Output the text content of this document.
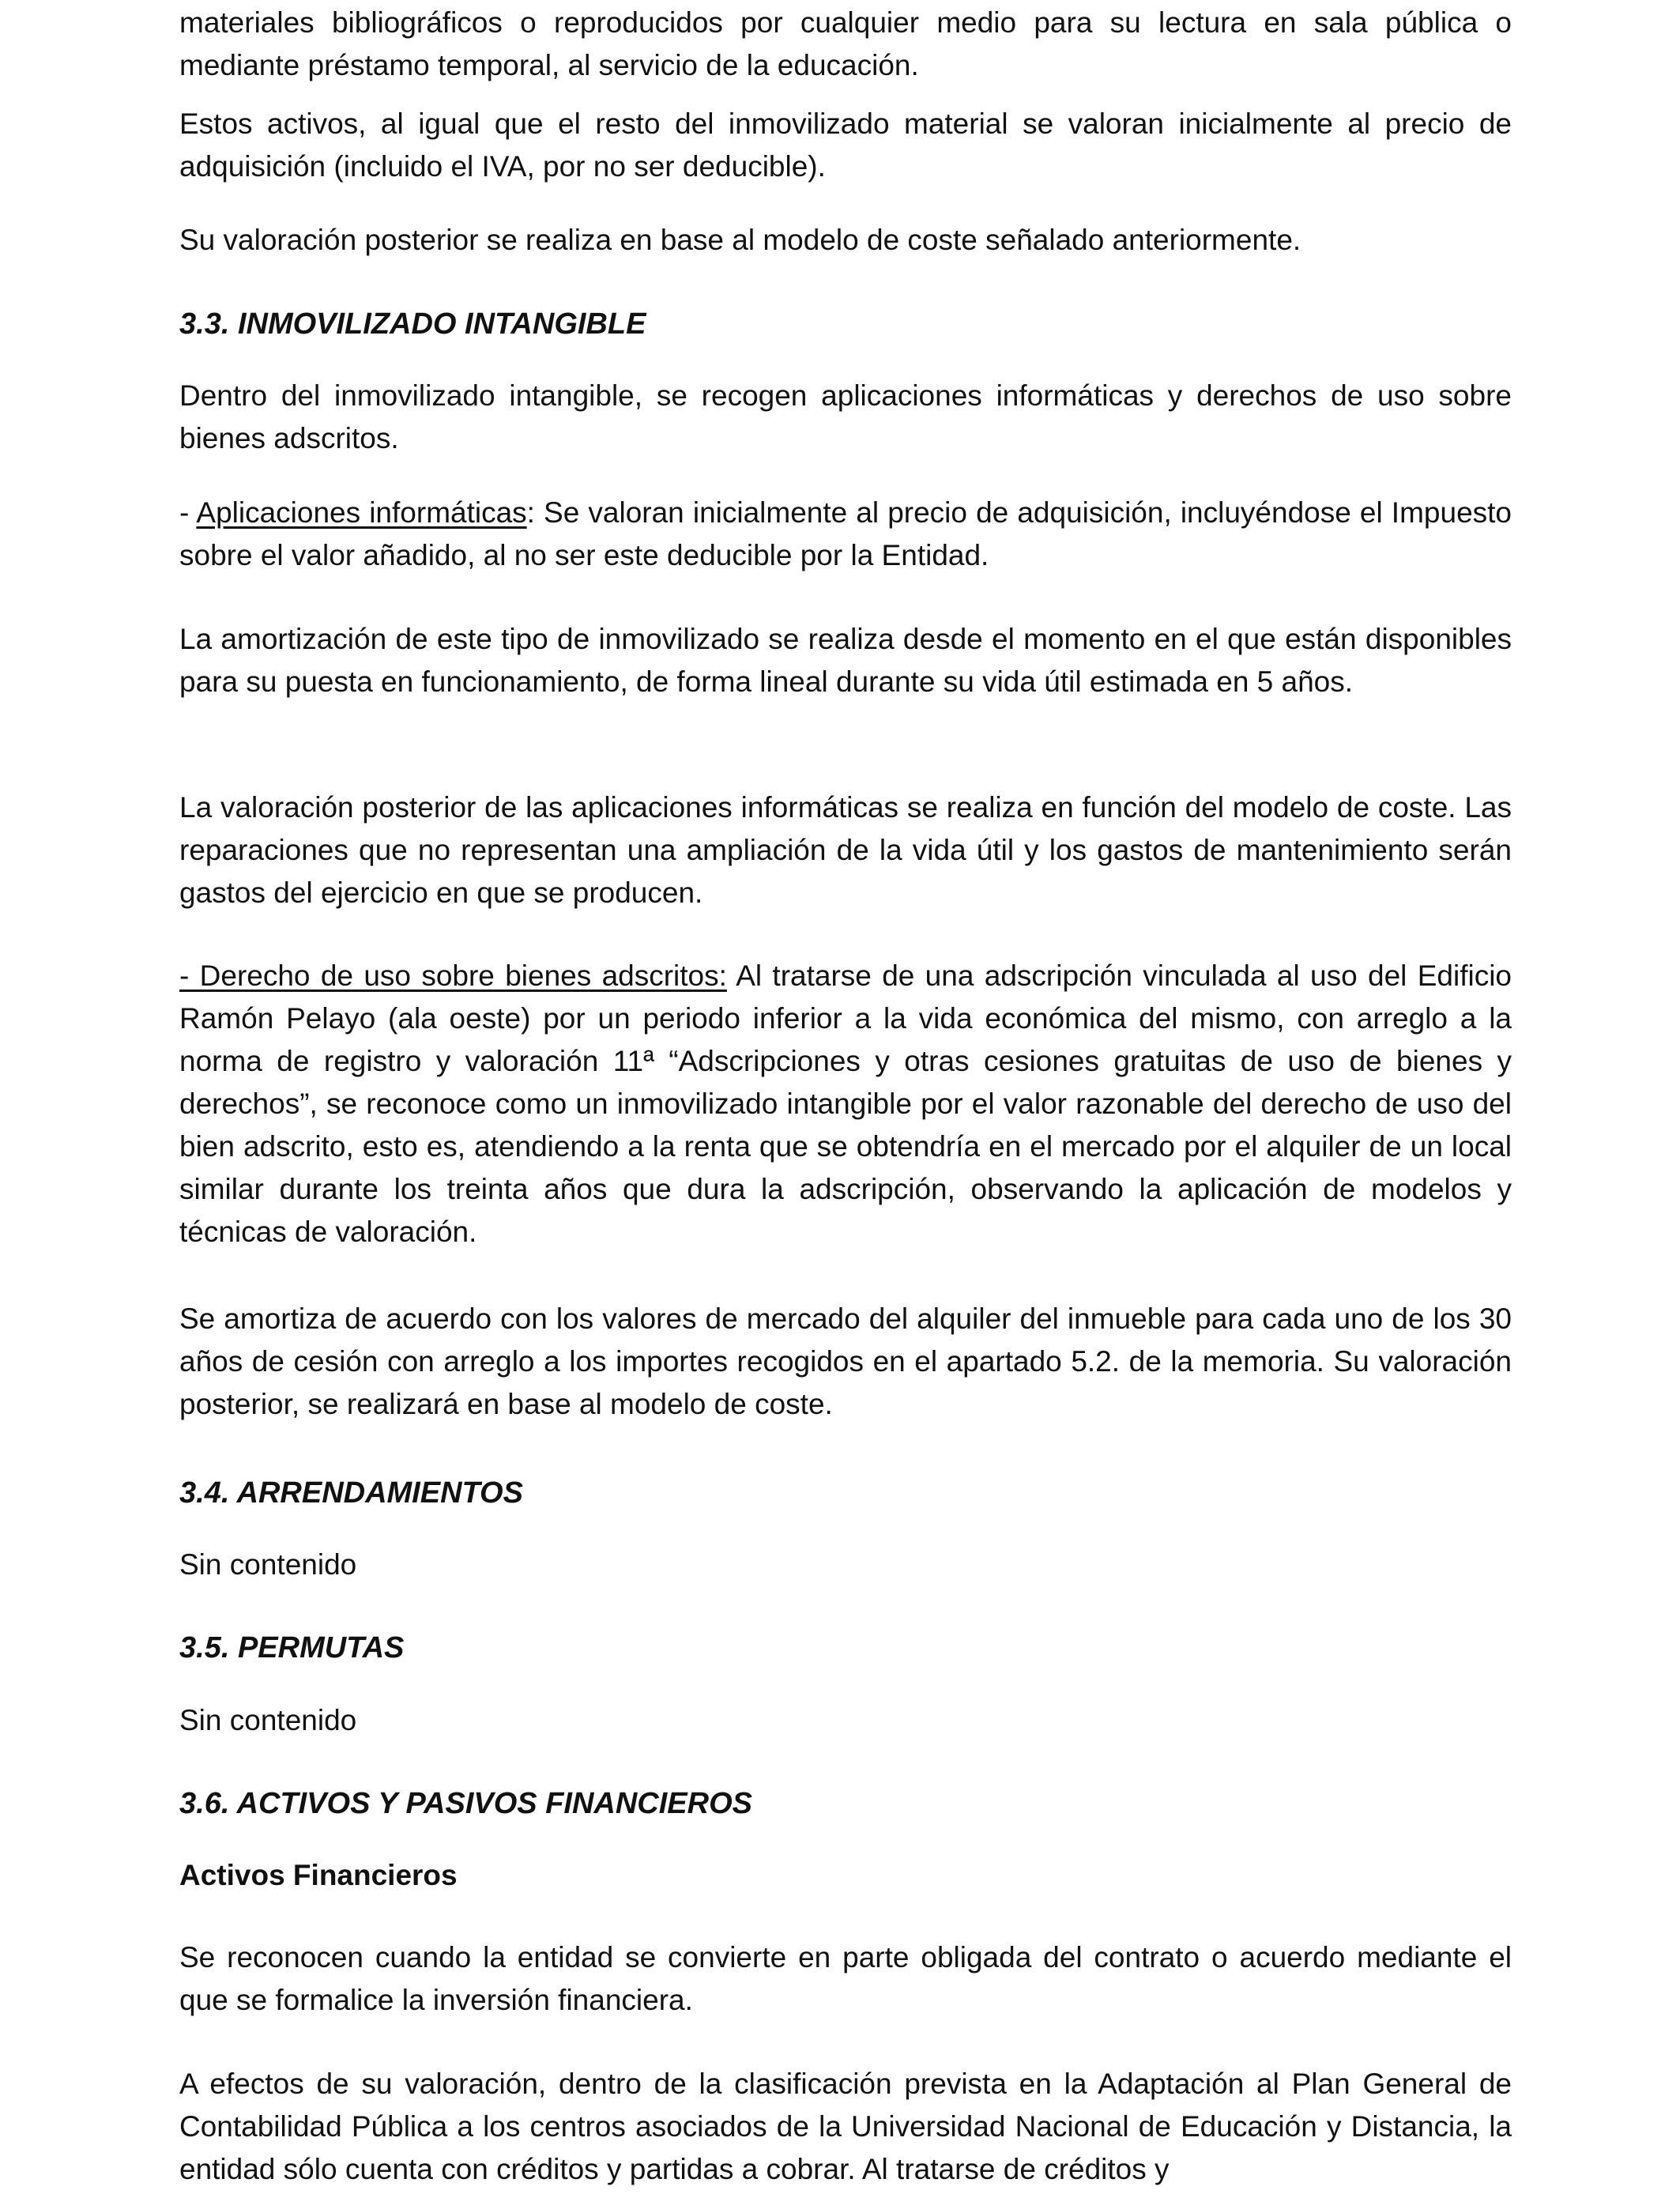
materiales bibliográficos o reproducidos por cualquier medio para su lectura en sala pública o mediante préstamo temporal, al servicio de la educación.

Estos activos, al igual que el resto del inmovilizado material se valoran inicialmente al precio de adquisición (incluido el IVA, por no ser deducible).

Su valoración posterior se realiza en base al modelo de coste señalado anteriormente.

3.3. INMOVILIZADO INTANGIBLE

Dentro del inmovilizado intangible, se recogen aplicaciones informáticas y derechos de uso sobre bienes adscritos.

- Aplicaciones informáticas: Se valoran inicialmente al precio de adquisición, incluyéndose el Impuesto sobre el valor añadido, al no ser este deducible por la Entidad.

La amortización de este tipo de inmovilizado se realiza desde el momento en el que están disponibles para su puesta en funcionamiento, de forma lineal durante su vida útil estimada en 5 años.

La valoración posterior de las aplicaciones informáticas se realiza en función del modelo de coste. Las reparaciones que no representan una ampliación de la vida útil y los gastos de mantenimiento serán gastos del ejercicio en que se producen.

- Derecho de uso sobre bienes adscritos: Al tratarse de una adscripción vinculada al uso del Edificio Ramón Pelayo (ala oeste) por un periodo inferior a la vida económica del mismo, con arreglo a la norma de registro y valoración 11ª “Adscripciones y otras cesiones gratuitas de uso de bienes y derechos”, se reconoce como un inmovilizado intangible por el valor razonable del derecho de uso del bien adscrito, esto es, atendiendo a la renta que se obtendría en el mercado por el alquiler de un local similar durante los treinta años que dura la adscripción, observando la aplicación de modelos y técnicas de valoración.

Se amortiza de acuerdo con los valores de mercado del alquiler del inmueble para cada uno de los 30 años de cesión con arreglo a los importes recogidos en el apartado 5.2. de la memoria. Su valoración posterior, se realizará en base al modelo de coste.

3.4. ARRENDAMIENTOS

Sin contenido

3.5. PERMUTAS

Sin contenido

3.6. ACTIVOS Y PASIVOS FINANCIEROS

Activos Financieros

Se reconocen cuando la entidad se convierte en parte obligada del contrato o acuerdo mediante el que se formalice la inversión financiera.

A efectos de su valoración, dentro de la clasificación prevista en la Adaptación al Plan General de Contabilidad Pública a los centros asociados de la Universidad Nacional de Educación y Distancia, la entidad sólo cuenta con créditos y partidas a cobrar. Al tratarse de créditos y
